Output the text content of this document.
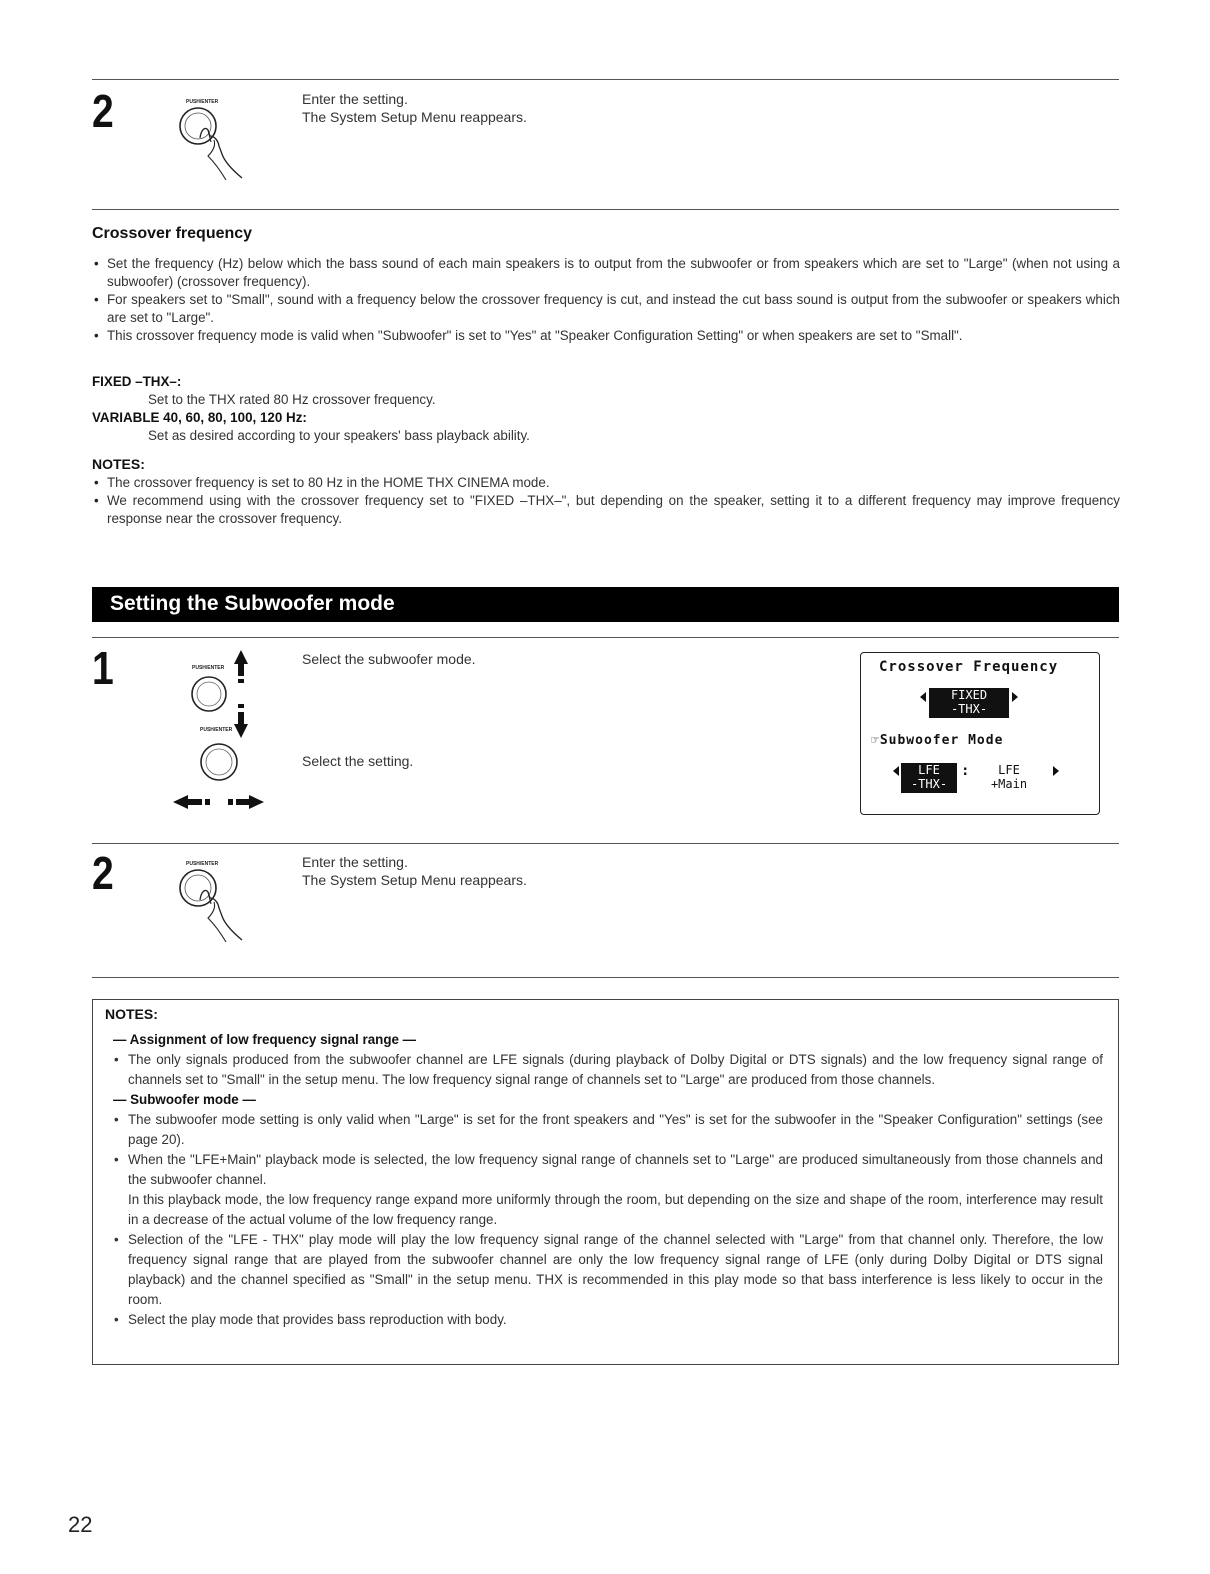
2	PUSH/ENTER	Enter the setting.
The System Setup Menu reappears.
Crossover frequency
• Set the frequency (Hz) below which the bass sound of each main speakers is to output from the subwoofer or from speakers which are set to "Large" (when not using a subwoofer) (crossover frequency).
• For speakers set to "Small", sound with a frequency below the crossover frequency is cut, and instead the cut bass sound is output from the subwoofer or speakers which are set to "Large".
• This crossover frequency mode is valid when "Subwoofer" is set to "Yes" at "Speaker Configuration Setting" or when speakers are set to "Small".
FIXED –THX–:
Set to the THX rated 80 Hz crossover frequency.
VARIABLE 40, 60, 80, 100, 120 Hz:
Set as desired according to your speakers' bass playback ability.
NOTES:
• The crossover frequency is set to 80 Hz in the HOME THX CINEMA mode.
• We recommend using with the crossover frequency set to "FIXED –THX–", but depending on the speaker, setting it to a different frequency may improve frequency response near the crossover frequency.
Setting the Subwoofer mode
1	PUSH/ENTER
Select the subwoofer mode.
PUSH/ENTER
Select the setting.
Crossover Frequency
FIXED
-THX-
☞Subwoofer Mode
LFE
-THX-
:	LFE
+Main
2	PUSH/ENTER	Enter the setting.
The System Setup Menu reappears.
NOTES:
— Assignment of low frequency signal range —
• The only signals produced from the subwoofer channel are LFE signals (during playback of Dolby Digital or DTS signals) and the low frequency signal range of channels set to "Small" in the setup menu. The low frequency signal range of channels set to "Large" are produced from those channels.
— Subwoofer mode —
• The subwoofer mode setting is only valid when "Large" is set for the front speakers and "Yes" is set for the subwoofer in the "Speaker Configuration" settings (see page 20).
• When the "LFE+Main" playback mode is selected, the low frequency signal range of channels set to "Large" are produced simultaneously from those channels and the subwoofer channel.

In this playback mode, the low frequency range expand more uniformly through the room, but depending on the size and shape of the room, interference may result in a decrease of the actual volume of the low frequency range.

• Selection of the "LFE - THX" play mode will play the low frequency signal range of the channel selected with "Large" from that channel only. Therefore, the low frequency signal range that are played from the subwoofer channel are only the low frequency signal range of LFE (only during Dolby Digital or DTS signal playback) and the channel specified as "Small" in the setup menu. THX is recommended in this play mode so that bass interference is less likely to occur in the room.
• Select the play mode that provides bass reproduction with body.
22
